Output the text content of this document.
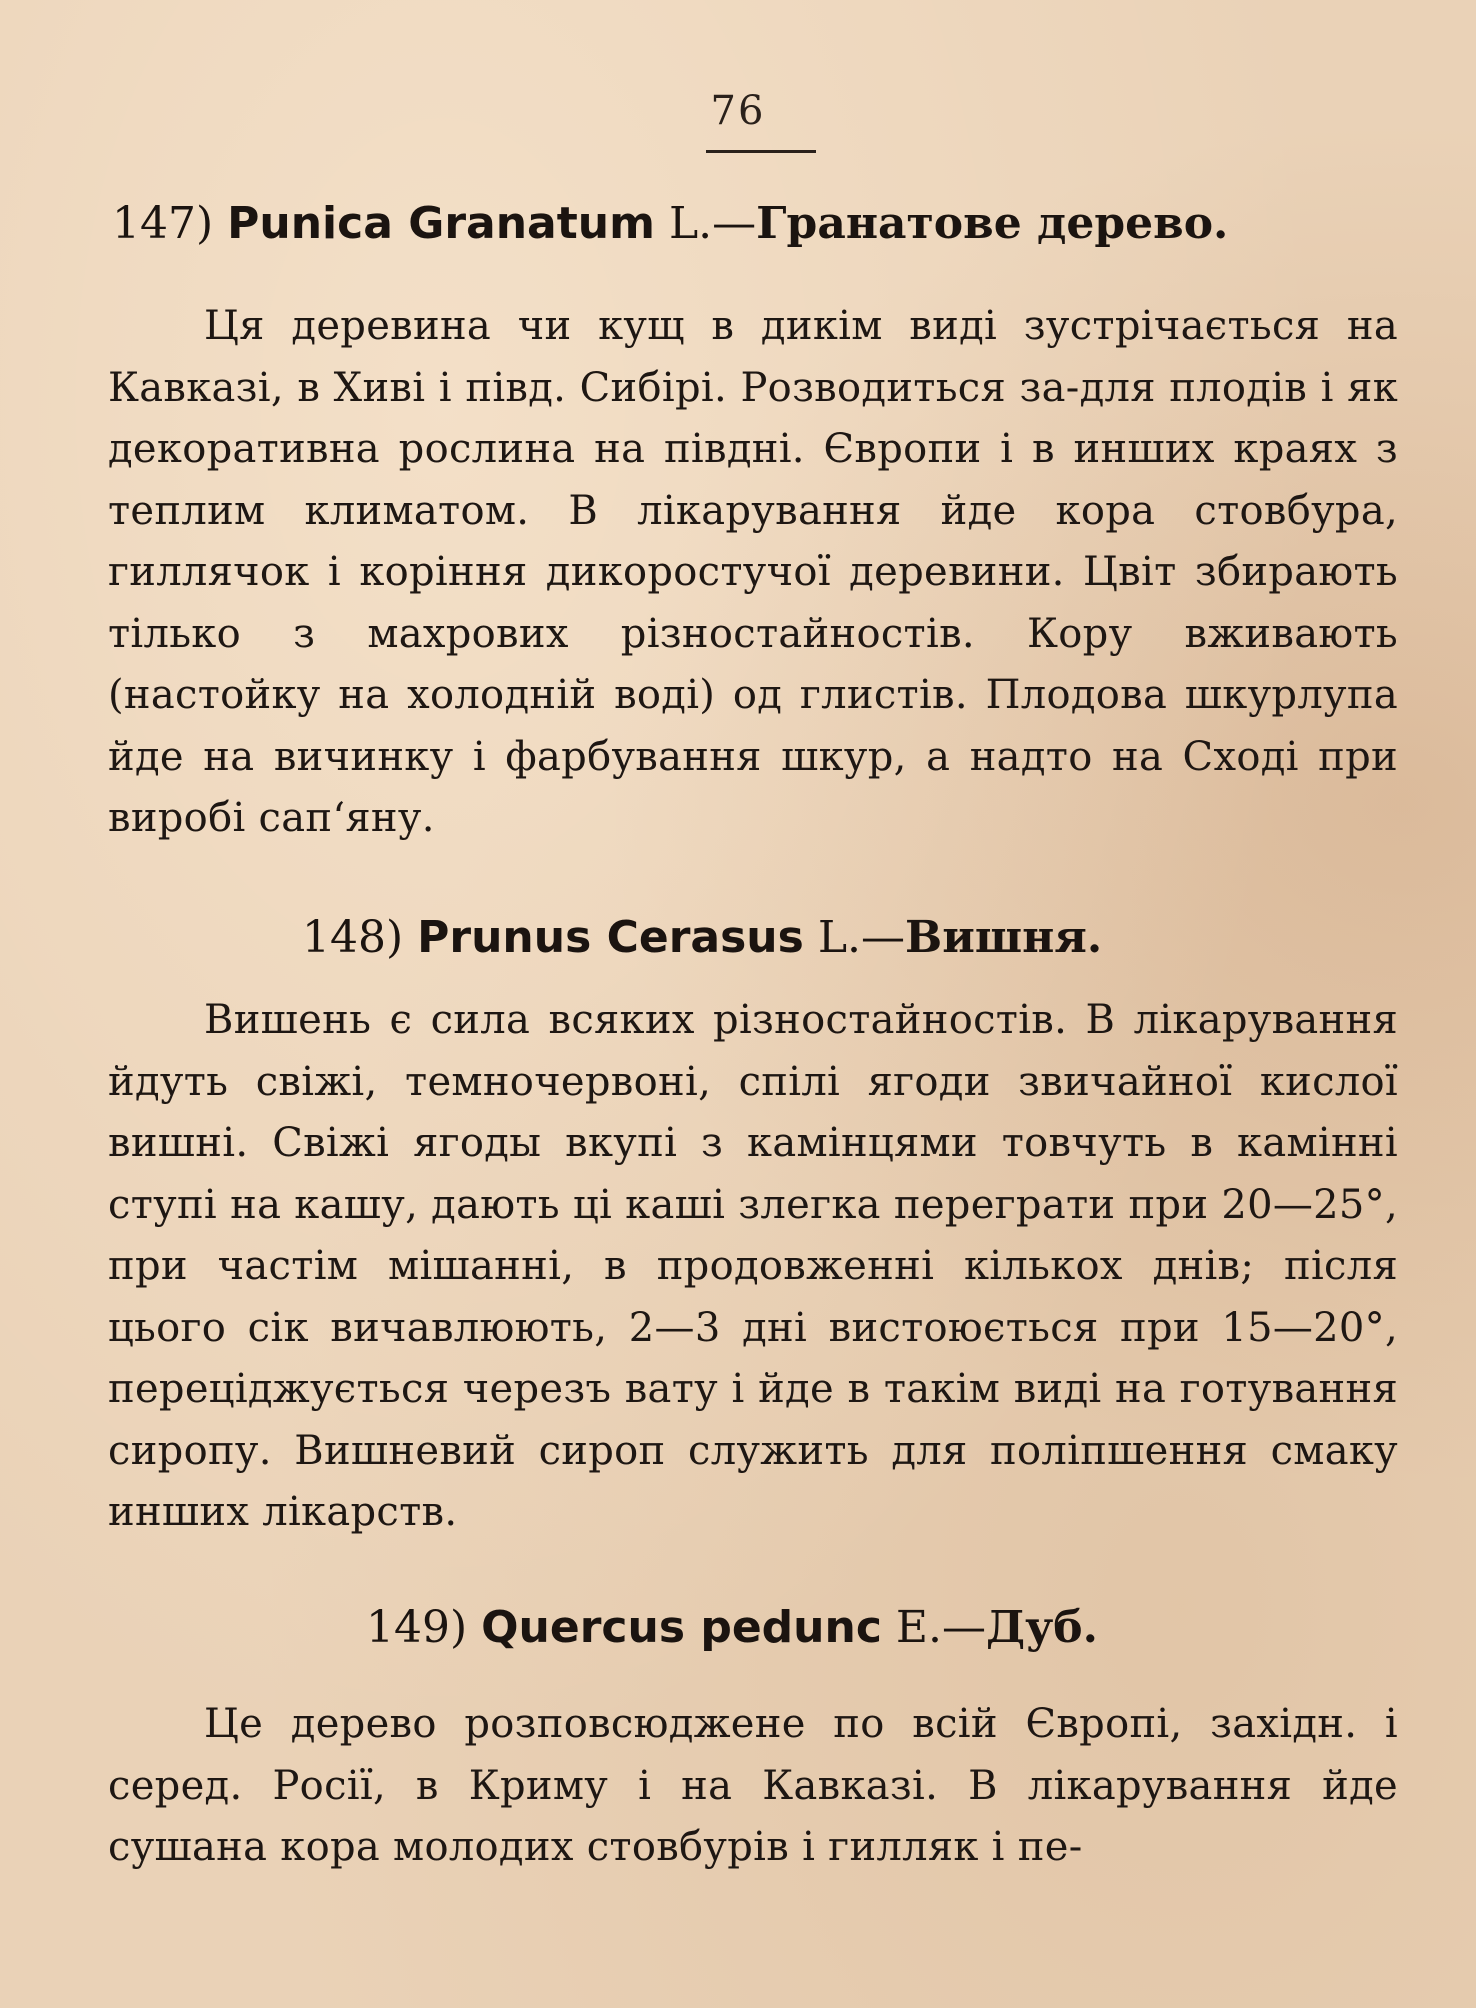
76
147) Punica Granatum L.—Гранатове дерево.
Ця деревина чи кущ в дикім виді зустрічається на Кавказі, в Хиві і півд. Сибірі. Розводиться за-для плодів і як декоративна рослина на півдні. Європи і в инших краях з теплим климатом. В лікарування йде кора стовбура, гиллячок і коріння дикоростучої деревини. Цвіт збирають тілько з махрових різностайностів. Кору вживають (настойку на холодній воді) од глистів. Плодова шкурлупа йде на вичинку і фарбування шкур, а надто на Сході при виробі сап‘яну.
148) Prunus Cerasus L.—Вишня.
Вишень є сила всяких різностайностів. В лікарування йдуть свіжі, темночервоні, спілі ягоди звичайної кислої вишні. Свіжі ягоды вкупі з камінцями товчуть в камінні ступі на кашу, дають ці каші злегка переграти при 20—25°, при частім мішанні, в продовженні кількох днів; після цього сік вичавлюють, 2—3 дні вистоюється при 15—20°, переціджується черезъ вату і йде в такім виді на готування сиропу. Вишневий сироп служить для поліпшення смаку инших лікарств.
149) Quercus pedunc E.—Дуб.
Це дерево розповсюджене по всій Європі, західн. і серед. Росії, в Криму і на Кавказі. В лікарування йде сушана кора молодих стовбурів і гилляк і пе-
